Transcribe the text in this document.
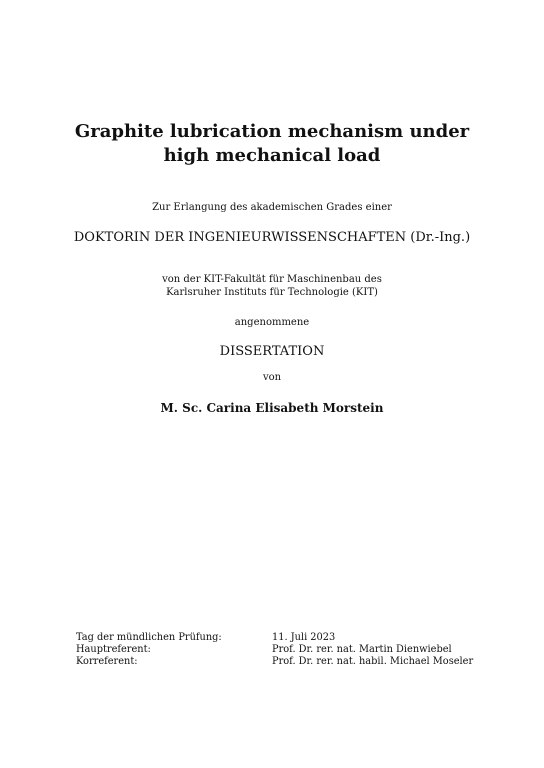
Graphite lubrication mechanism under
high mechanical load
Zur Erlangung des akademischen Grades einer
DOKTORIN DER INGENIEURWISSENSCHAFTEN (Dr.-Ing.)
von der KIT-Fakultät für Maschinenbau des
Karlsruher Instituts für Technologie (KIT)
angenommene
DISSERTATION
von
M. Sc. Carina Elisabeth Morstein
Tag der mündlichen Prüfung:	11. Juli 2023
Hauptreferent:	Prof. Dr. rer. nat. Martin Dienwiebel
Korreferent:	Prof. Dr. rer. nat. habil. Michael Moseler
